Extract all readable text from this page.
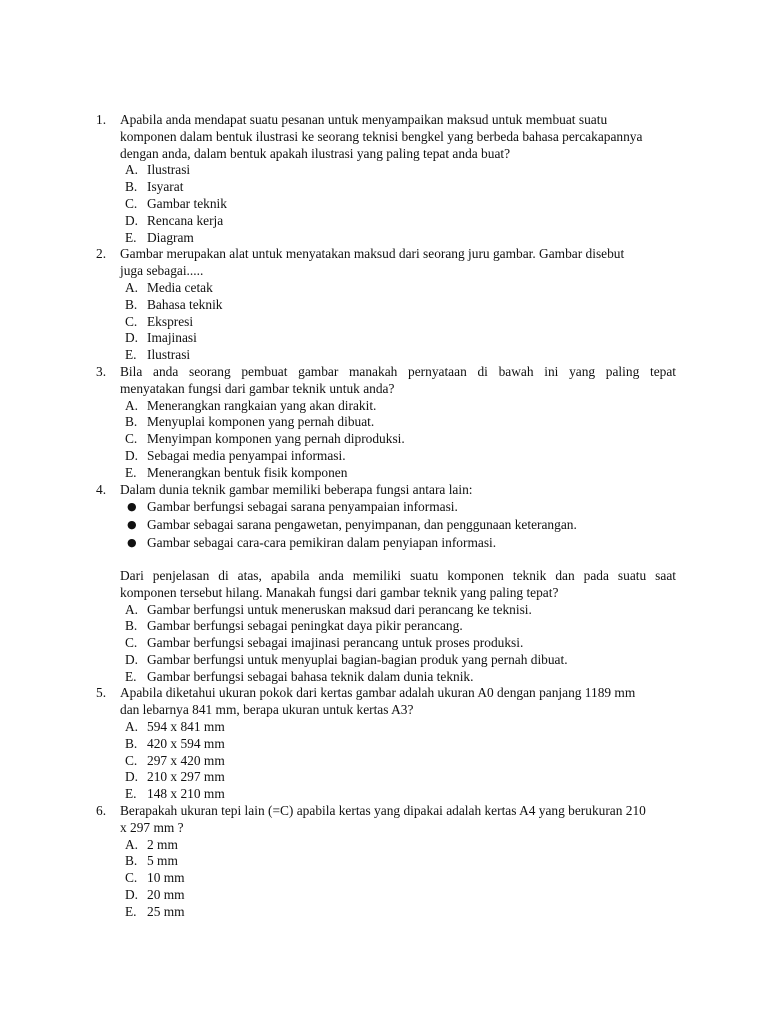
1. Apabila anda mendapat suatu pesanan untuk menyampaikan maksud untuk membuat suatu
komponen dalam bentuk ilustrasi ke seorang teknisi bengkel yang berbeda bahasa percakapannya
dengan anda, dalam bentuk apakah ilustrasi yang paling tepat anda buat?
A. Ilustrasi
B. Isyarat
C. Gambar teknik
D. Rencana kerja
E. Diagram
2. Gambar merupakan alat untuk menyatakan maksud dari seorang juru gambar. Gambar disebut
juga sebagai.....
A. Media cetak
B. Bahasa teknik
C. Ekspresi
D. Imajinasi
E. Ilustrasi
3. Bila anda seorang pembuat gambar manakah pernyataan di bawah ini yang paling tepat
menyatakan fungsi dari gambar teknik untuk anda?
A. Menerangkan rangkaian yang akan dirakit.
B. Menyuplai komponen yang pernah dibuat.
C. Menyimpan komponen yang pernah diproduksi.
D. Sebagai media penyampai informasi.
E. Menerangkan bentuk fisik komponen
4. Dalam dunia teknik gambar memiliki beberapa fungsi antara lain:
● Gambar berfungsi sebagai sarana penyampaian informasi.
● Gambar sebagai sarana pengawetan, penyimpanan, dan penggunaan keterangan.
● Gambar sebagai cara-cara pemikiran dalam penyiapan informasi.
Dari penjelasan di atas, apabila anda memiliki suatu komponen teknik dan pada suatu saat
komponen tersebut hilang. Manakah fungsi dari gambar teknik yang paling tepat?
A. Gambar berfungsi untuk meneruskan maksud dari perancang ke teknisi.
B. Gambar berfungsi sebagai peningkat daya pikir perancang.
C. Gambar berfungsi sebagai imajinasi perancang untuk proses produksi.
D. Gambar berfungsi untuk menyuplai bagian-bagian produk yang pernah dibuat.
E. Gambar berfungsi sebagai bahasa teknik dalam dunia teknik.
5. Apabila diketahui ukuran pokok dari kertas gambar adalah ukuran A0 dengan panjang 1189 mm
dan lebarnya 841 mm, berapa ukuran untuk kertas A3?
A. 594 x 841 mm
B. 420 x 594 mm
C. 297 x 420 mm
D. 210 x 297 mm
E. 148 x 210 mm
6. Berapakah ukuran tepi lain (=C) apabila kertas yang dipakai adalah kertas A4 yang berukuran 210
x 297 mm ?
A. 2 mm
B. 5 mm
C. 10 mm
D. 20 mm
E. 25 mm
